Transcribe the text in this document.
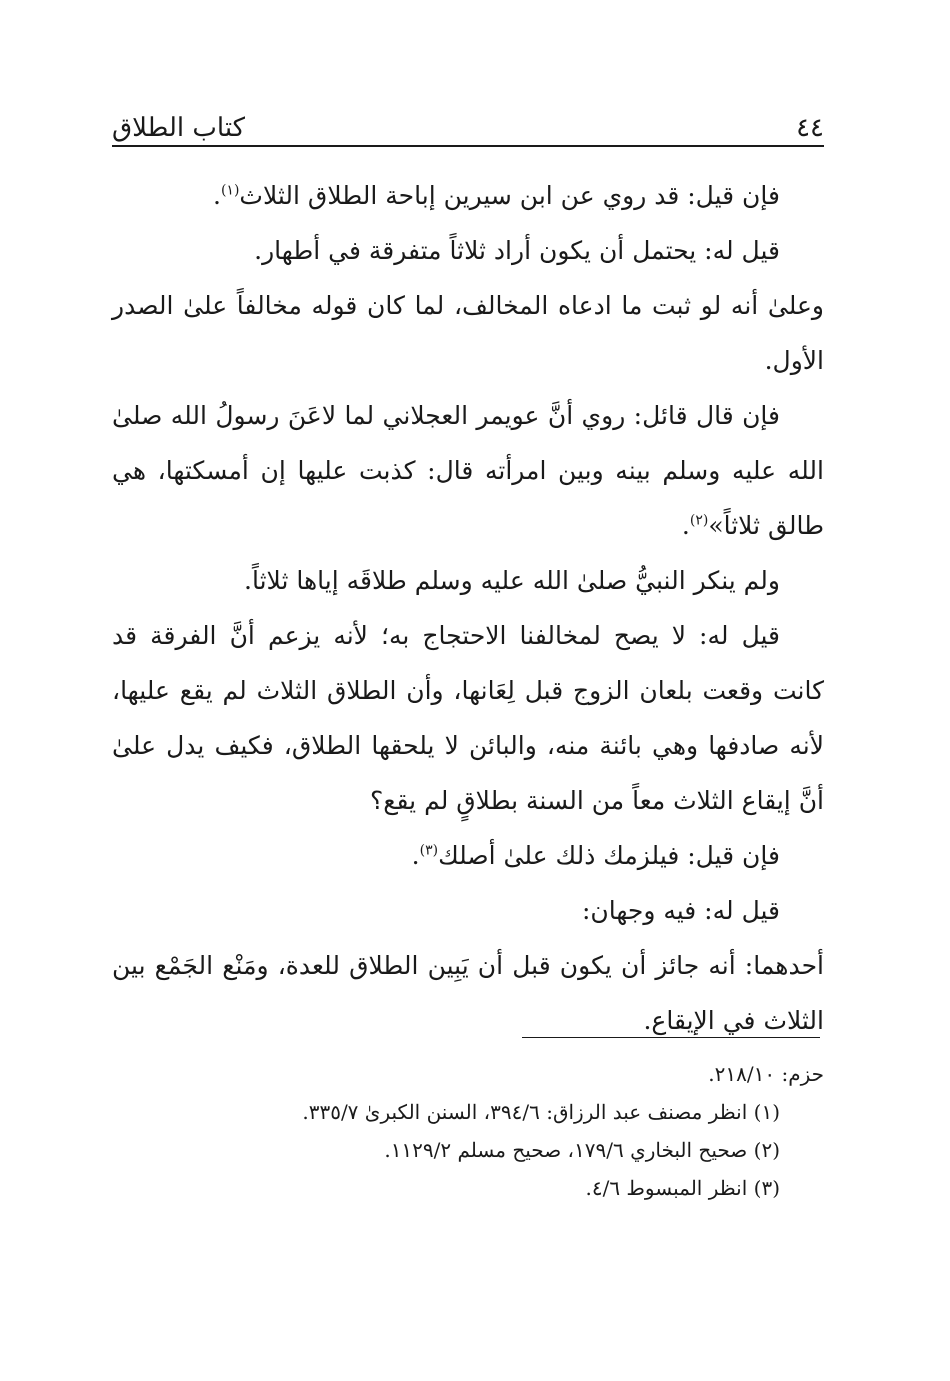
٤٤
كتاب الطلاق

فإن قيل: قد روي عن ابن سيرين إباحة الطلاق الثلاث$^{(١)}$.

قيل له: يحتمل أن يكون أراد ثلاثاً متفرقة في أطهار.

وعلىٰ أنه لو ثبت ما ادعاه المخالف، لما كان قوله مخالفاً علىٰ الصدر الأول.

فإن قال قائل: روي أنَّ عويمر العجلاني لما لاعَنَ رسولُ الله صلىٰ الله عليه وسلم بينه وبين امرأته قال: كذبت عليها إن أمسكتها، هي طالق ثلاثاً»$^{(٢)}$.

ولم ينكر النبيُّ صلىٰ الله عليه وسلم طلاقَه إياها ثلاثاً.

قيل له: لا يصح لمخالفنا الاحتجاج به؛ لأنه يزعم أنَّ الفرقة قد كانت وقعت بلعان الزوج قبل لِعَانها، وأن الطلاق الثلاث لم يقع عليها، لأنه صادفها وهي بائنة منه، والبائن لا يلحقها الطلاق، فكيف يدل علىٰ أنَّ إيقاع الثلاث معاً من السنة بطلاقٍ لم يقع؟

فإن قيل: فيلزمك ذلك علىٰ أصلك$^{(٣)}$.

قيل له: فيه وجهان:

أحدهما: أنه جائز أن يكون قبل أن يَبِين الطلاق للعدة، ومَنْع الجَمْع بين الثلاث في الإيقاع.

حزم: ٢١٨/١٠.

(١) انظر مصنف عبد الرزاق: ٣٩٤/٦، السنن الكبرىٰ ٣٣٥/٧.

(٢) صحيح البخاري ١٧٩/٦، صحيح مسلم ١١٢٩/٢.

(٣) انظر المبسوط ٤/٦.
